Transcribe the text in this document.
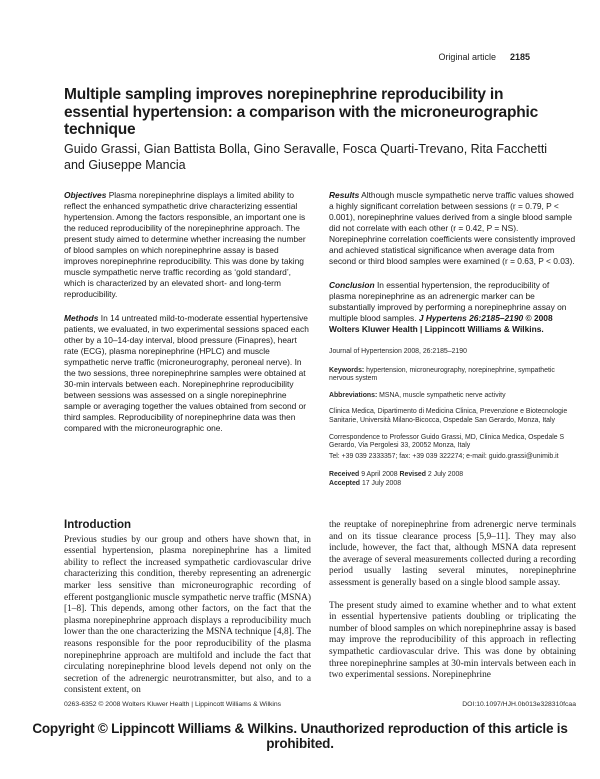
Original article 2185
Multiple sampling improves norepinephrine reproducibility in essential hypertension: a comparison with the microneurographic technique
Guido Grassi, Gian Battista Bolla, Gino Seravalle, Fosca Quarti-Trevano, Rita Facchetti and Giuseppe Mancia

Objectives Plasma norepinephrine displays a limited ability to reflect the enhanced sympathetic drive characterizing essential hypertension. Among the factors responsible, an important one is the reduced reproducibility of the norepinephrine approach. The present study aimed to determine whether increasing the number of blood samples on which norepinephrine assay is based improves norepinephrine reproducibility. This was done by taking muscle sympathetic nerve traffic recording as ‘gold standard’, which is characterized by an elevated short- and long-term reproducibility.

Methods In 14 untreated mild-to-moderate essential hypertensive patients, we evaluated, in two experimental sessions spaced each other by a 10–14-day interval, blood pressure (Finapres), heart rate (ECG), plasma norepinephrine (HPLC) and muscle sympathetic nerve traffic (microneurography, peroneal nerve). In the two sessions, three norepinephrine samples were obtained at 30-min intervals between each. Norepinephrine reproducibility between sessions was assessed on a single norepinephrine sample or averaging together the values obtained from second or third samples. Reproducibility of norepinephrine data was then compared with the microneurographic one.

Results Although muscle sympathetic nerve traffic values showed a highly significant correlation between sessions (r = 0.79, P < 0.001), norepinephrine values derived from a single blood sample did not correlate with each other (r = 0.42, P = NS). Norepinephrine correlation coefficients were consistently improved and achieved statistical significance when average data from second or third blood samples were examined (r = 0.63, P < 0.03).

Conclusion In essential hypertension, the reproducibility of plasma norepinephrine as an adrenergic marker can be substantially improved by performing a norepinephrine assay on multiple blood samples. J Hypertens 26:2185–2190 © 2008 Wolters Kluwer Health | Lippincott Williams & Wilkins.

Journal of Hypertension 2008, 26:2185–2190

Keywords: hypertension, microneurography, norepinephrine, sympathetic nervous system

Abbreviations: MSNA, muscle sympathetic nerve activity

Clinica Medica, Dipartimento di Medicina Clinica, Prevenzione e Biotecnologie Sanitarie, Università Milano-Bicocca, Ospedale San Gerardo, Monza, Italy

Correspondence to Professor Guido Grassi, MD, Clinica Medica, Ospedale S Gerardo, Via Pergolesi 33, 20052 Monza, Italy

Tel: +39 039 2333357; fax: +39 039 322274; e-mail: guido.grassi@unimib.it

Received 9 April 2008 Revised 2 July 2008

Accepted 17 July 2008

Introduction

Previous studies by our group and others have shown that, in essential hypertension, plasma norepinephrine has a limited ability to reflect the increased sympathetic cardiovascular drive characterizing this condition, thereby representing an adrenergic marker less sensitive than microneurographic recording of efferent postganglionic muscle sympathetic nerve traffic (MSNA) [1–8]. This depends, among other factors, on the fact that the plasma norepinephrine approach displays a reproducibility much lower than the one characterizing the MSNA technique [4,8]. The reasons responsible for the poor reproducibility of the plasma norepinephrine approach are multifold and include the fact that circulating norepinephrine blood levels depend not only on the secretion of the adrenergic neurotransmitter, but also, and to a consistent extent, on

the reuptake of norepinephrine from adrenergic nerve terminals and on its tissue clearance process [5,9–11]. They may also include, however, the fact that, although MSNA data represent the average of several measurements collected during a recording period usually lasting several minutes, norepinephrine assessment is generally based on a single blood sample assay.

The present study aimed to examine whether and to what extent in essential hypertensive patients doubling or triplicating the number of blood samples on which norepinephrine assay is based may improve the reproducibility of this approach in reflecting sympathetic cardiovascular drive. This was done by obtaining three norepinephrine samples at 30-min intervals between each in two experimental sessions. Norepinephrine

0263-6352 © 2008 Wolters Kluwer Health | Lippincott Williams & Wilkins	DOI:10.1097/HJH.0b013e328310fcaa
Copyright © Lippincott Williams & Wilkins. Unauthorized reproduction of this article is prohibited.
